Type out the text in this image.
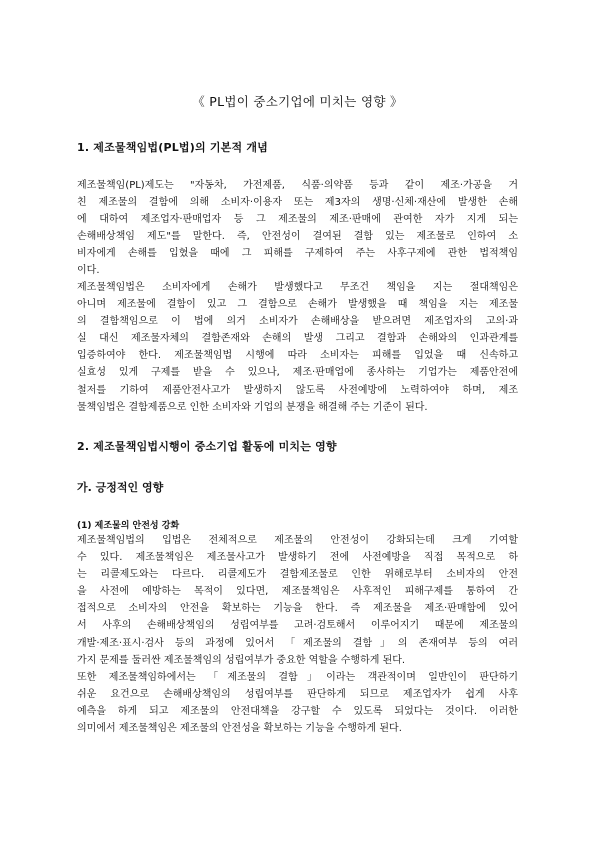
《 PL법이 중소기업에 미치는 영향 》
1. 제조물책임법(PL법)의 기본적 개념
제조물책임(PL)제도는 "자동차, 가전제품, 식품·의약품 등과 같이 제조·가공을 거
친 제조물의 결함에 의해 소비자·이용자 또는 제3자의 생명·신체·재산에 발생한 손해
에 대하여 제조업자·판매업자 등 그 제조물의 제조·판매에 관여한 자가 지게 되는
손해배상책임 제도"를 말한다. 즉, 안전성이 결여된 결함 있는 제조물로 인하여 소
비자에게 손해를 입혔을 때에 그 피해를 구제하여 주는 사후구제에 관한 법적책임
이다.
제조물책임법은 소비자에게 손해가 발생했다고 무조건 책임을 지는 절대책임은
아니며 제조물에 결함이 있고 그 결함으로 손해가 발생했을 때 책임을 지는 제조물
의 결함책임으로 이 법에 의거 소비자가 손해배상을 받으려면 제조업자의 고의·과
실 대신 제조물자체의 결함존재와 손해의 발생 그리고 결함과 손해와의 인과관계를
입증하여야 한다. 제조물책임법 시행에 따라 소비자는 피해를 입었을 때 신속하고
실효성 있게 구제를 받을 수 있으나, 제조·판매업에 종사하는 기업가는 제품안전에
철저를 기하여 제품안전사고가 발생하지 않도록 사전예방에 노력하여야 하며, 제조
물책임법은 결함제품으로 인한 소비자와 기업의 분쟁을 해결해 주는 기준이 된다.
2. 제조물책임법시행이 중소기업 활동에 미치는 영향
가. 긍정적인 영향
(1) 제조물의 안전성 강화
제조물책임법의 입법은 전체적으로 제조물의 안전성이 강화되는데 크게 기여할
수 있다. 제조물책임은 제조물사고가 발생하기 전에 사전예방을 직접 목적으로 하
는 리콜제도와는 다르다. 리콜제도가 결함제조물로 인한 위해로부터 소비자의 안전
을 사전에 예방하는 목적이 있다면, 제조물책임은 사후적인 피해구제를 통하여 간
접적으로 소비자의 안전을 확보하는 기능을 한다. 즉 제조물을 제조·판매함에 있어
서 사후의 손해배상책임의 성립여부를 고려·검토해서 이루어지기 때문에 제조물의
개발·제조·표시·검사 등의 과정에 있어서 「제조물의 결함」의 존재여부 등의 여러
가지 문제를 둘러싼 제조물책임의 성립여부가 중요한 역할을 수행하게 된다.
또한 제조물책임하에서는 「제조물의 결함」이라는 객관적이며 일반인이 판단하기
쉬운 요건으로 손해배상책임의 성립여부를 판단하게 되므로 제조업자가 쉽게 사후
예측을 하게 되고 제조물의 안전대책을 강구할 수 있도록 되었다는 것이다. 이러한
의미에서 제조물책임은 제조물의 안전성을 확보하는 기능을 수행하게 된다.
